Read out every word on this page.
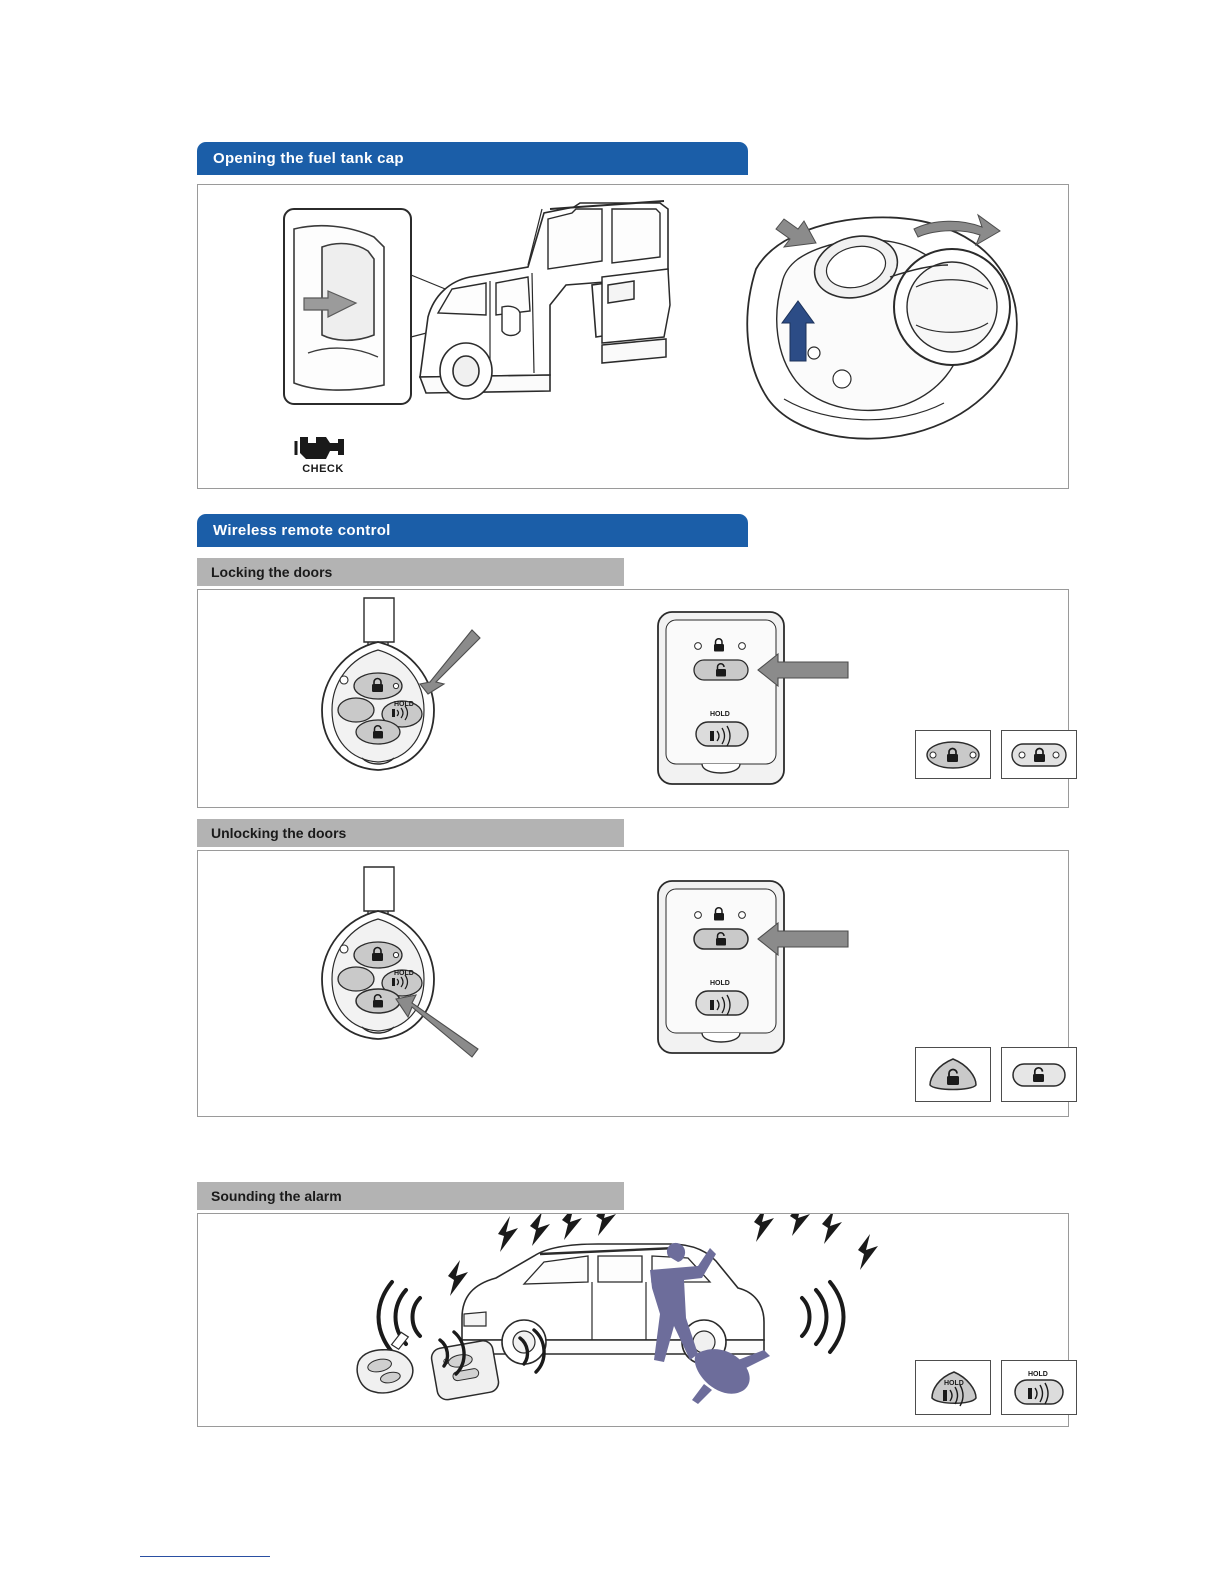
Opening the fuel tank cap
CHECK
Wireless remote control
Locking the doors
HOLD
HOLD
Unlocking the doors
HOLD
HOLD
Sounding the alarm
HOLD
HOLD
